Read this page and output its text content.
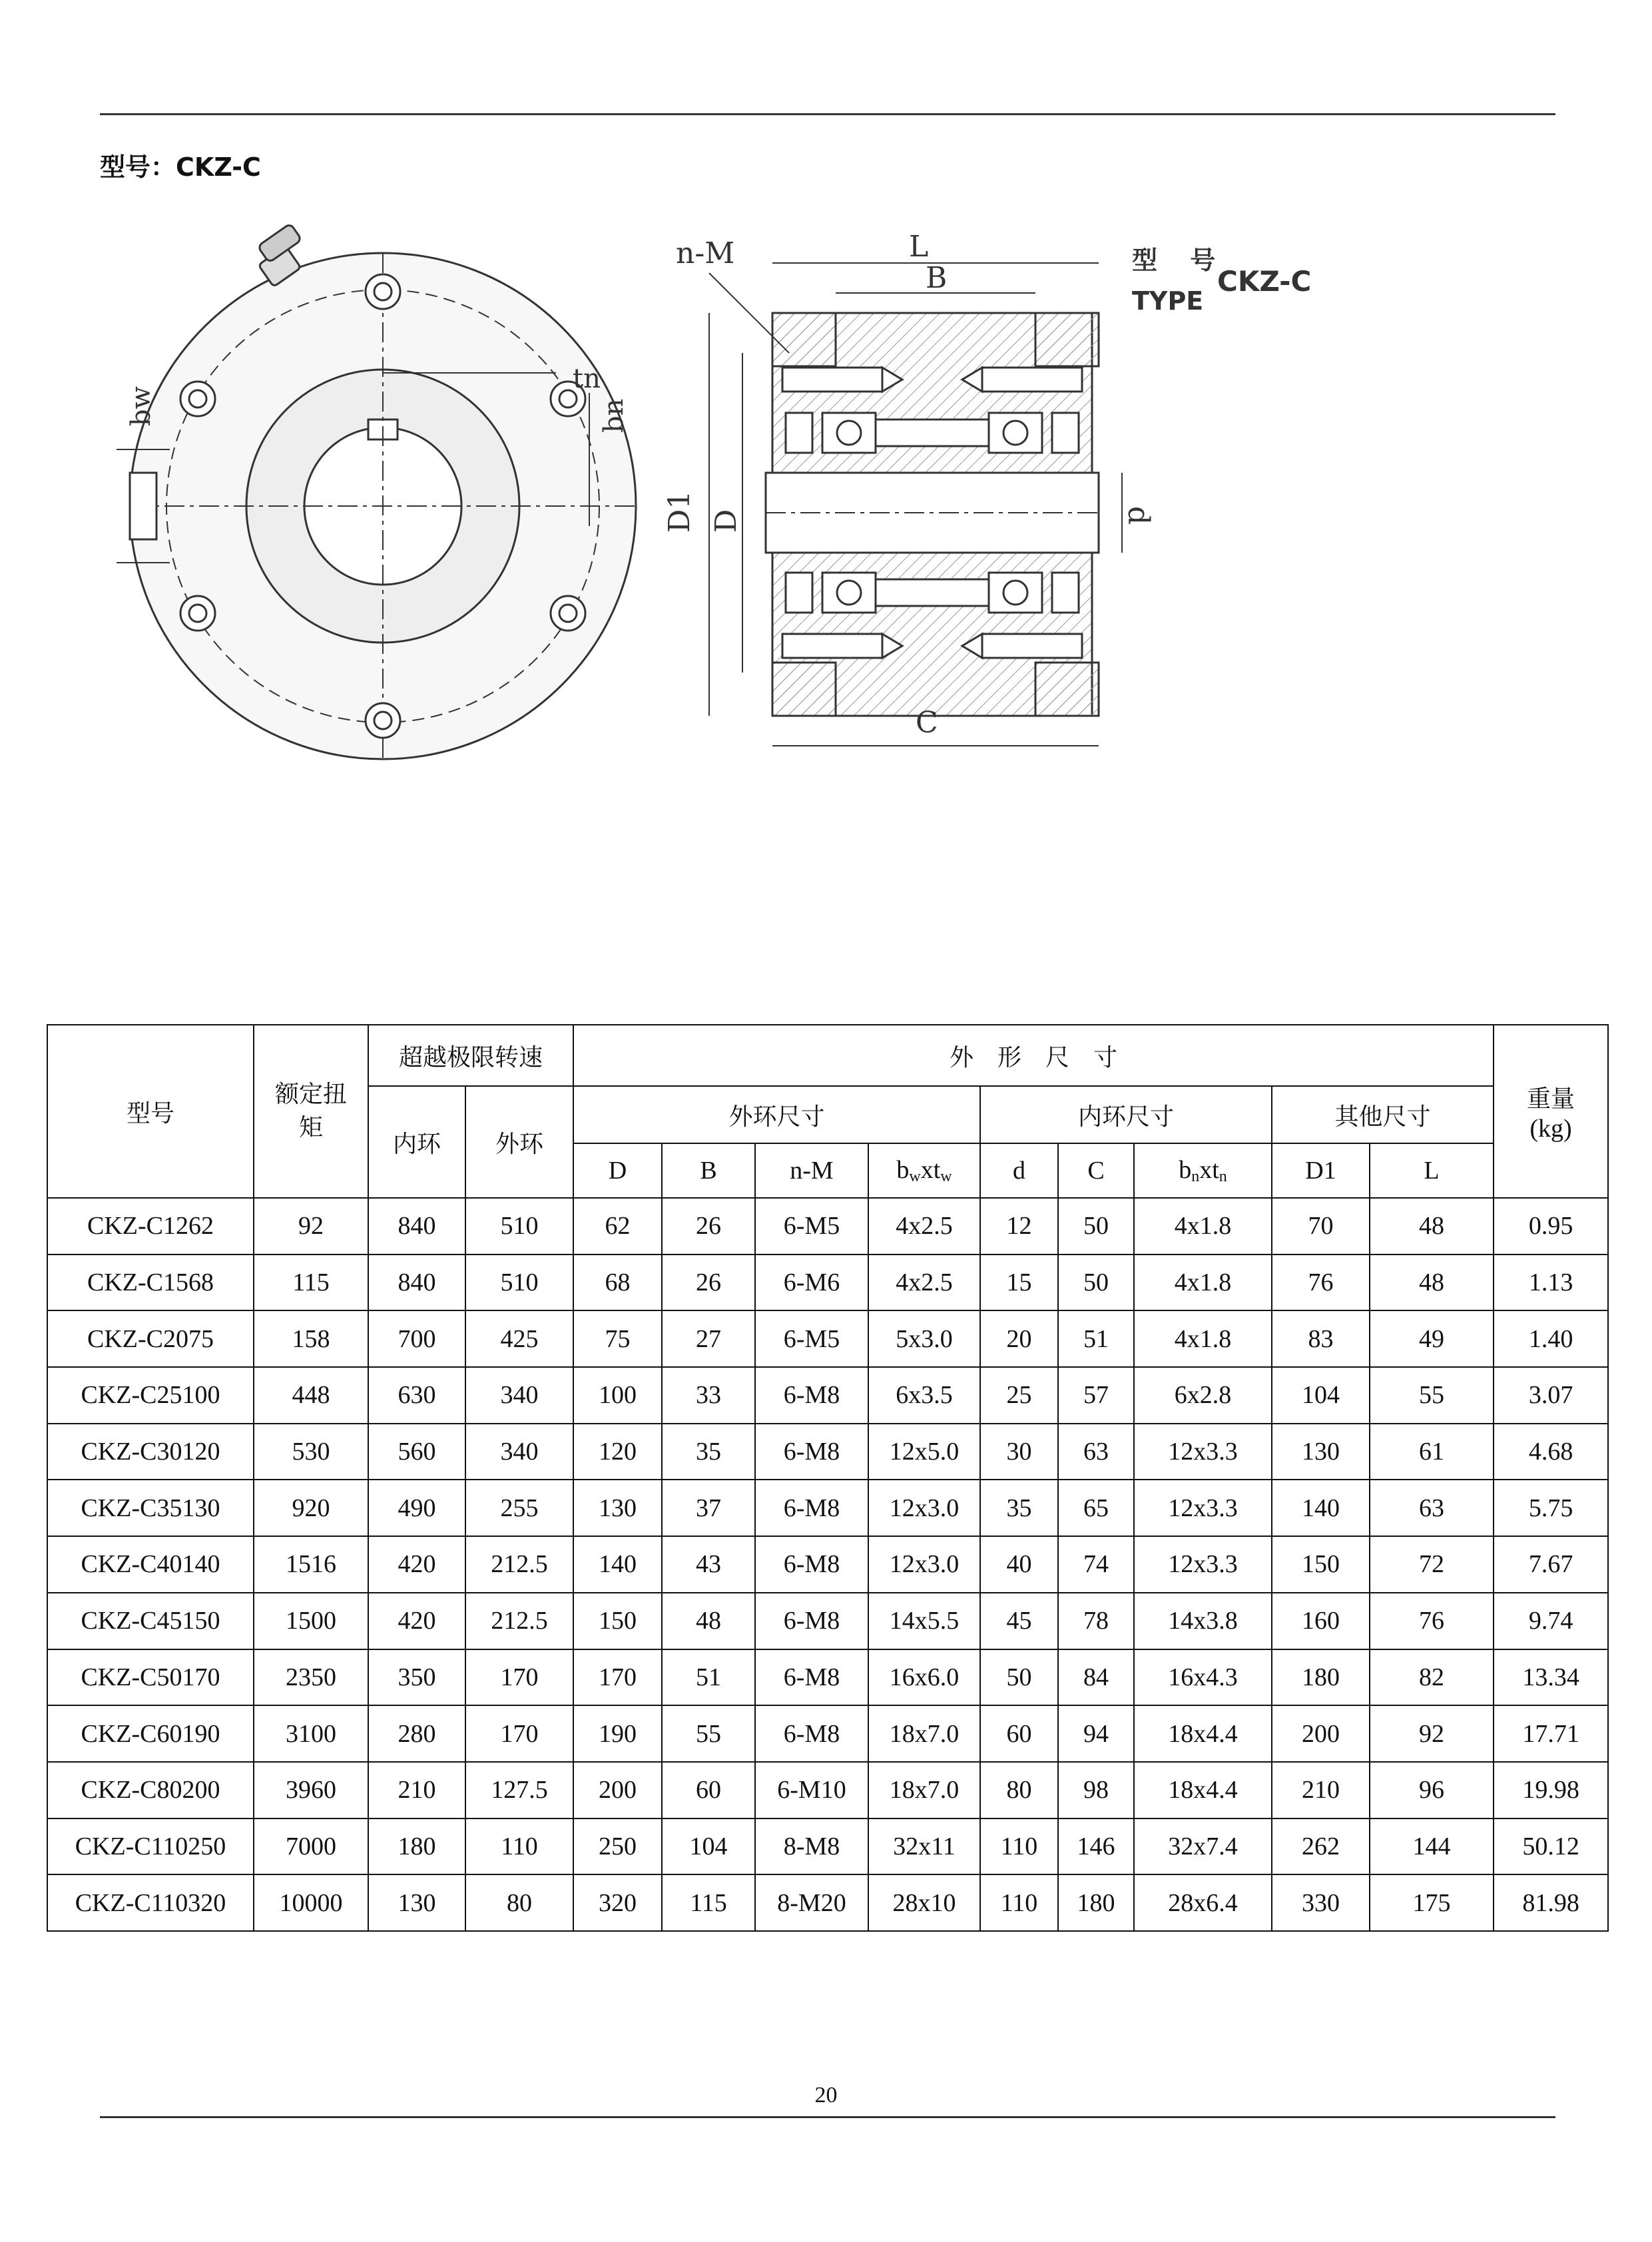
型号：CKZ-C
bw
tn
bn
n-M	L
B
C
D1 D	d
型 号
TYPE
CKZ-C
型号	额定扭矩	超越极限转速		外　形　尺　寸									重量
(kg)

		内环	外环	外环尺寸				内环尺寸			其他尺寸		
				D	B	n-M	$b_wxt_w$	d	C	$b_nxt_n$	D1	L	
CKZ-C1262	92	840	510	62	26	6-M5	4x2.5	12	50	4x1.8	70	48	0.95
CKZ-C1568	115	840	510	68	26	6-M6	4x2.5	15	50	4x1.8	76	48	1.13
CKZ-C2075	158	700	425	75	27	6-M5	5x3.0	20	51	4x1.8	83	49	1.40
CKZ-C25100	448	630	340	100	33	6-M8	6x3.5	25	57	6x2.8	104	55	3.07
CKZ-C30120	530	560	340	120	35	6-M8	12x5.0	30	63	12x3.3	130	61	4.68
CKZ-C35130	920	490	255	130	37	6-M8	12x3.0	35	65	12x3.3	140	63	5.75
CKZ-C40140	1516	420	212.5	140	43	6-M8	12x3.0	40	74	12x3.3	150	72	7.67
CKZ-C45150	1500	420	212.5	150	48	6-M8	14x5.5	45	78	14x3.8	160	76	9.74
CKZ-C50170	2350	350	170	170	51	6-M8	16x6.0	50	84	16x4.3	180	82	13.34
CKZ-C60190	3100	280	170	190	55	6-M8	18x7.0	60	94	18x4.4	200	92	17.71
CKZ-C80200	3960	210	127.5	200	60	6-M10	18x7.0	80	98	18x4.4	210	96	19.98
CKZ-C110250	7000	180	110	250	104	8-M8	32x11	110	146	32x7.4	262	144	50.12
CKZ-C110320	10000	130	80	320	115	8-M20	28x10	110	180	28x6.4	330	175	81.98
20
